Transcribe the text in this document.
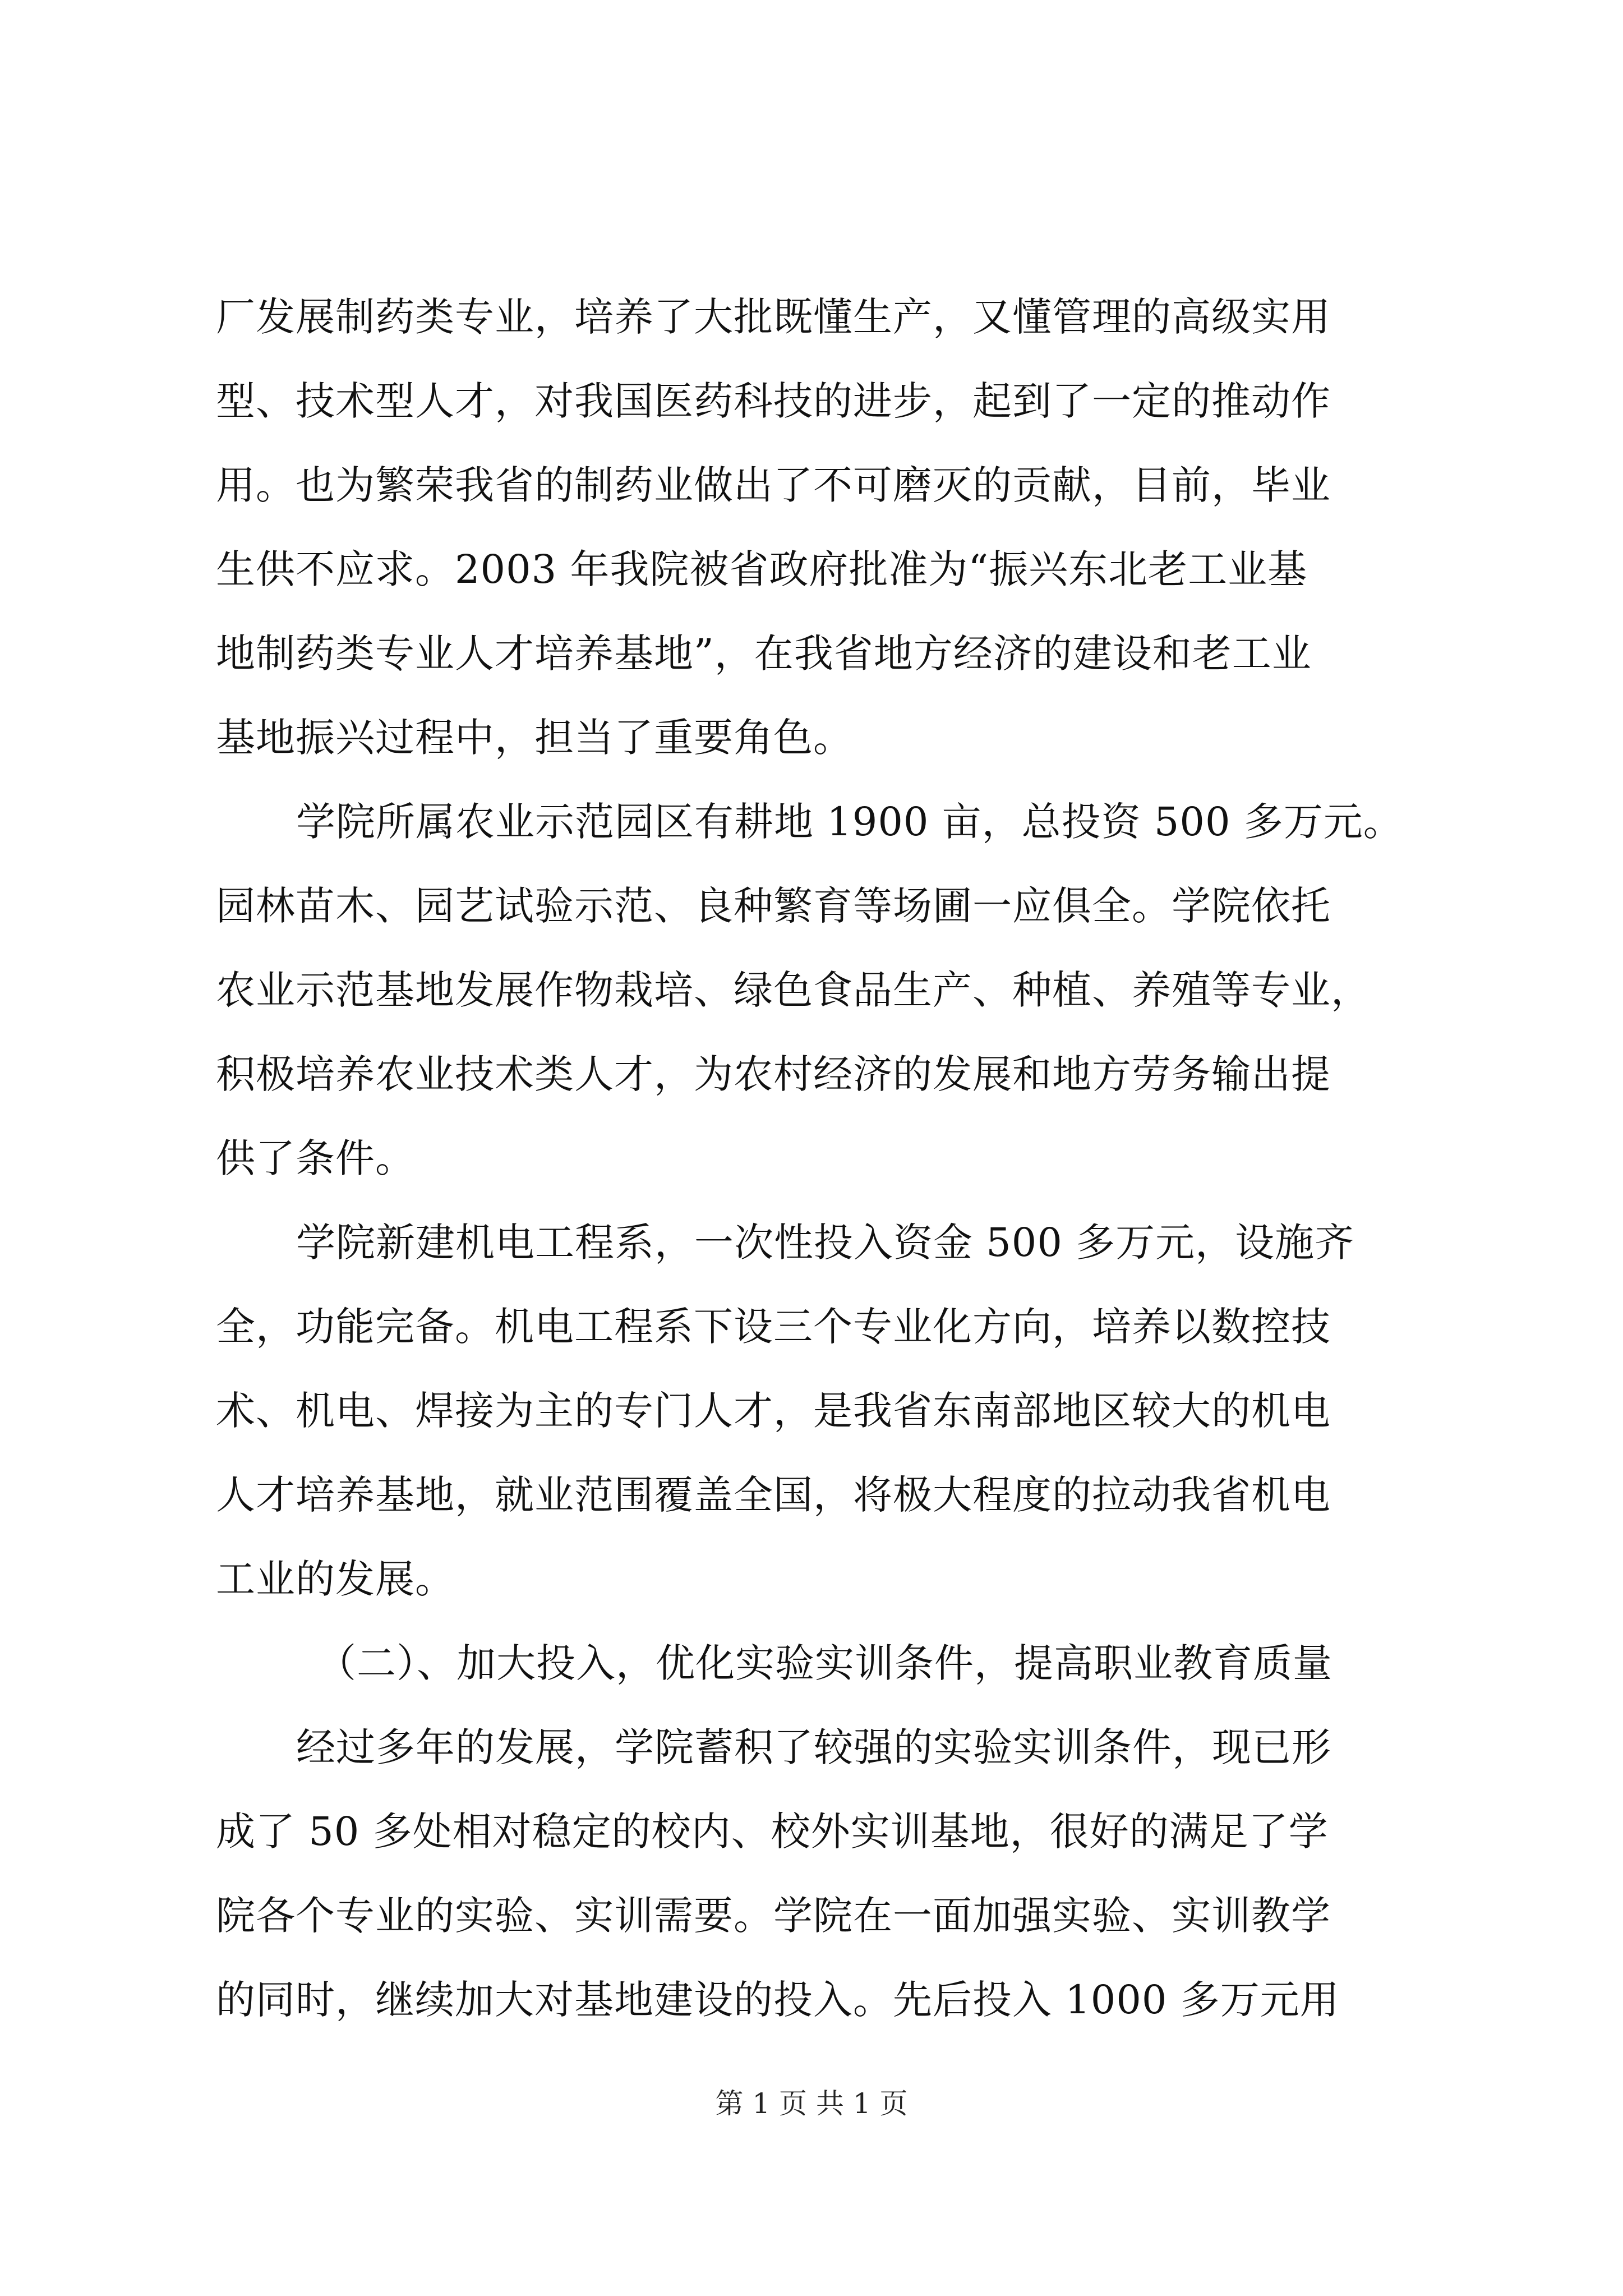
厂发展制药类专业，培养了大批既懂生产，又懂管理的高级实用
型、技术型人才，对我国医药科技的进步，起到了一定的推动作
用。也为繁荣我省的制药业做出了不可磨灭的贡献，目前，毕业
生供不应求。2003 年我院被省政府批准为“振兴东北老工业基
地制药类专业人才培养基地”，在我省地方经济的建设和老工业
基地振兴过程中，担当了重要角色。
学院所属农业示范园区有耕地 1900 亩，总投资 500 多万元。
园林苗木、园艺试验示范、良种繁育等场圃一应俱全。学院依托
农业示范基地发展作物栽培、绿色食品生产、种植、养殖等专业，
积极培养农业技术类人才，为农村经济的发展和地方劳务输出提
供了条件。
学院新建机电工程系，一次性投入资金 500 多万元，设施齐
全，功能完备。机电工程系下设三个专业化方向，培养以数控技
术、机电、焊接为主的专门人才，是我省东南部地区较大的机电
人才培养基地，就业范围覆盖全国，将极大程度的拉动我省机电
工业的发展。
（二）、加大投入，优化实验实训条件，提高职业教育质量
经过多年的发展，学院蓄积了较强的实验实训条件，现已形
成了 50 多处相对稳定的校内、校外实训基地，很好的满足了学
院各个专业的实验、实训需要。学院在一面加强实验、实训教学
的同时，继续加大对基地建设的投入。先后投入 1000 多万元用
第 1 页 共 1 页
